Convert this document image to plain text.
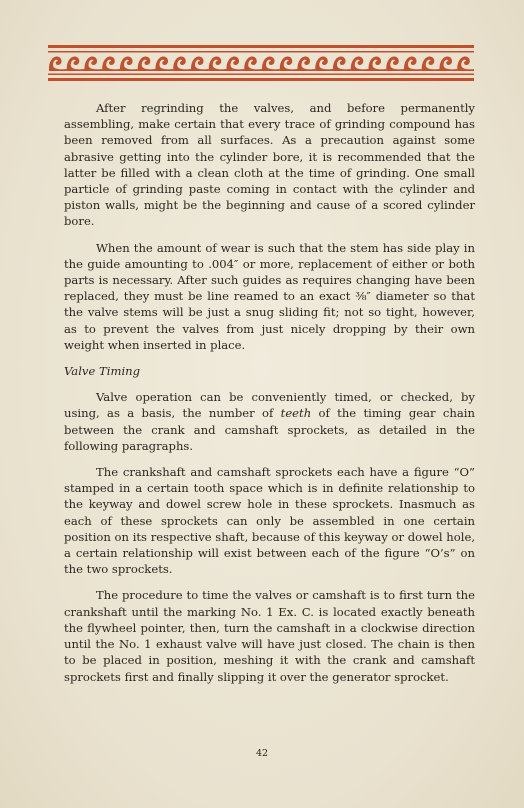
After regrinding the valves, and before permanently assembling, make certain that every trace of grinding compound has been removed from all surfaces. As a precaution against some abrasive getting into the cylinder bore, it is recommended that the latter be filled with a clean cloth at the time of grinding. One small particle of grinding paste coming in contact with the cylinder and piston walls, might be the beginning and cause of a scored cylinder bore.

When the amount of wear is such that the stem has side play in the guide amounting to .004″ or more, replacement of either or both parts is necessary. After such guides as requires changing have been replaced, they must be line reamed to an exact ⅜″ diameter so that the valve stems will be just a snug sliding fit; not so tight, however, as to prevent the valves from just nicely dropping by their own weight when inserted in place.

Valve Timing

Valve operation can be conveniently timed, or checked, by using, as a basis, the number of teeth of the timing gear chain between the crank and camshaft sprockets, as detailed in the following paragraphs.

The crankshaft and camshaft sprockets each have a figure “O” stamped in a certain tooth space which is in definite relationship to the keyway and dowel screw hole in these sprockets. Inasmuch as each of these sprockets can only be assembled in one certain position on its respective shaft, because of this keyway or dowel hole, a certain relationship will exist between each of the figure “O’s” on the two sprockets.

The procedure to time the valves or camshaft is to first turn the crankshaft until the marking No. 1 Ex. C. is located exactly beneath the flywheel pointer, then, turn the camshaft in a clockwise direction until the No. 1 exhaust valve will have just closed. The chain is then to be placed in position, meshing it with the crank and camshaft sprockets first and finally slipping it over the generator sprocket.

42
